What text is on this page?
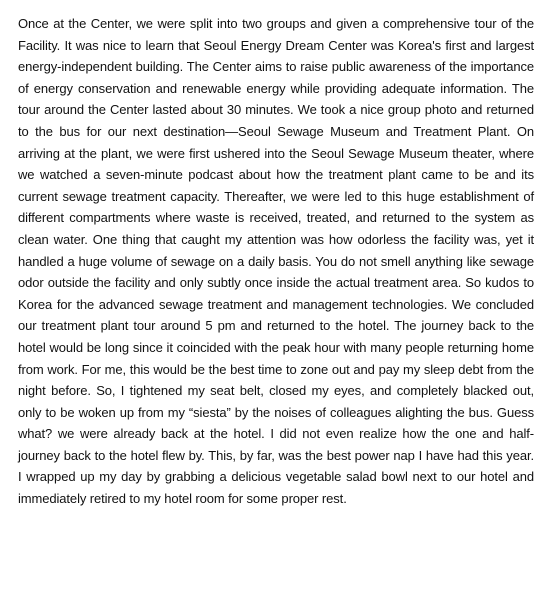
Once at the Center, we were split into two groups and given a comprehensive tour of the Facility. It was nice to learn that Seoul Energy Dream Center was Korea's first and largest energy-independent building. The Center aims to raise public awareness of the importance of energy conservation and renewable energy while providing adequate information. The tour around the Center lasted about 30 minutes. We took a nice group photo and returned to the bus for our next destination—Seoul Sewage Museum and Treatment Plant. On arriving at the plant, we were first ushered into the Seoul Sewage Museum theater, where we watched a seven-minute podcast about how the treatment plant came to be and its current sewage treatment capacity. Thereafter, we were led to this huge establishment of different compartments where waste is received, treated, and returned to the system as clean water. One thing that caught my attention was how odorless the facility was, yet it handled a huge volume of sewage on a daily basis. You do not smell anything like sewage odor outside the facility and only subtly once inside the actual treatment area. So kudos to Korea for the advanced sewage treatment and management technologies. We concluded our treatment plant tour around 5 pm and returned to the hotel. The journey back to the hotel would be long since it coincided with the peak hour with many people returning home from work. For me, this would be the best time to zone out and pay my sleep debt from the night before. So, I tightened my seat belt, closed my eyes, and completely blacked out, only to be woken up from my “siesta” by the noises of colleagues alighting the bus. Guess what? we were already back at the hotel. I did not even realize how the one and half-journey back to the hotel flew by. This, by far, was the best power nap I have had this year. I wrapped up my day by grabbing a delicious vegetable salad bowl next to our hotel and immediately retired to my hotel room for some proper rest.
